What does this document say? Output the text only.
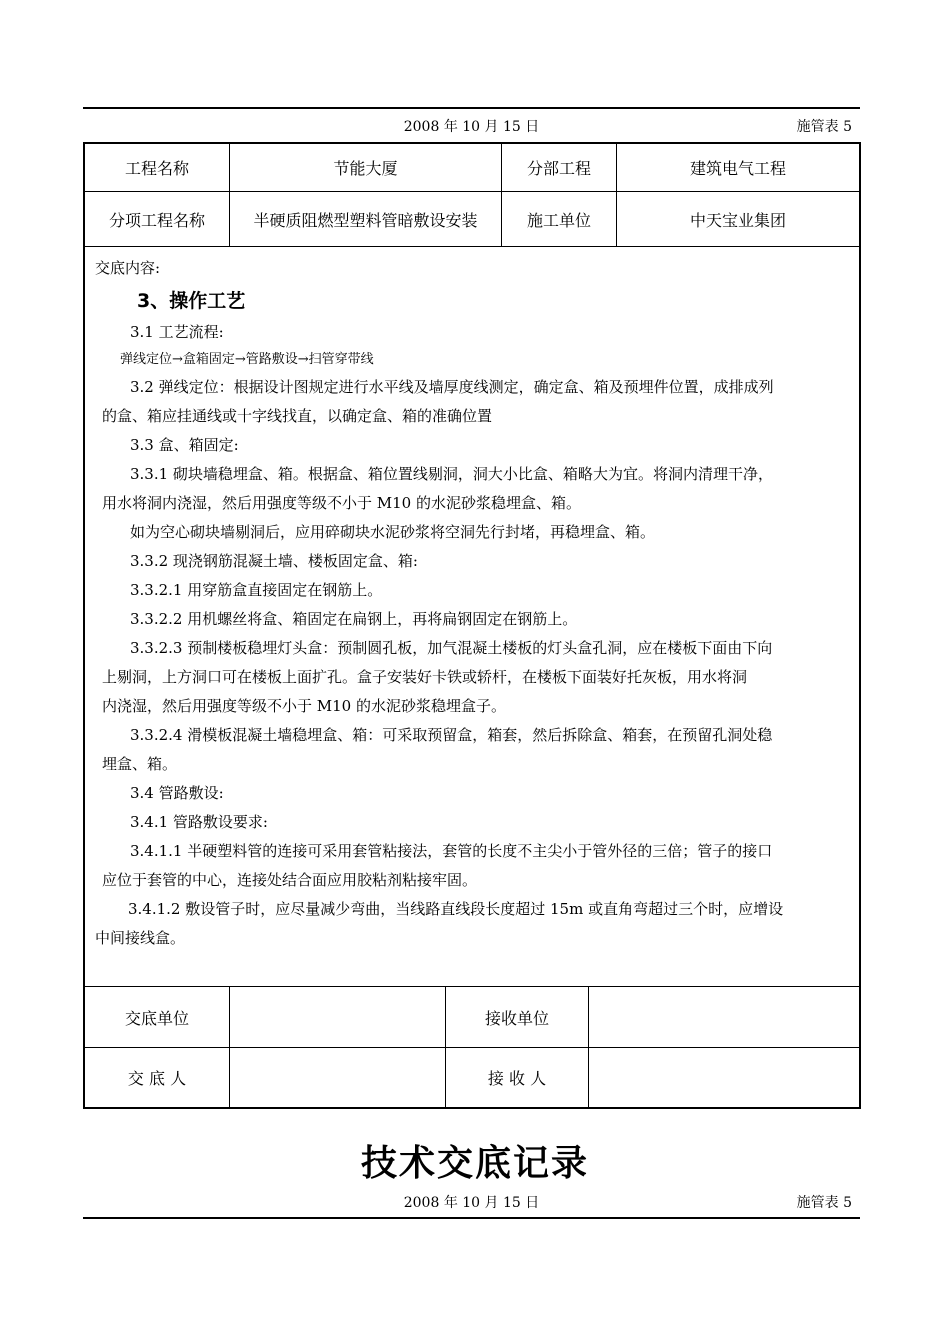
2008 年 10 月 15 日	施管表 5
工程名称	节能大厦	分部工程	建筑电气工程
分项工程名称	半硬质阻燃型塑料管暗敷设安装	施工单位	中天宝业集团
交底内容:
3、操作工艺
3.1 工艺流程:
弹线定位→盒箱固定→管路敷设→扫管穿带线
3.2 弹线定位：根据设计图规定进行水平线及墙厚度线测定，确定盒、箱及预埋件位置，成排成列
的盒、箱应挂通线或十字线找直，以确定盒、箱的准确位置
3.3 盒、箱固定:
3.3.1 砌块墙稳埋盒、箱。根据盒、箱位置线剔洞，洞大小比盒、箱略大为宜。将洞内清理干净，
用水将洞内浇湿，然后用强度等级不小于 M10 的水泥砂浆稳埋盒、箱。
如为空心砌块墙剔洞后，应用碎砌块水泥砂浆将空洞先行封堵，再稳埋盒、箱。
3.3.2 现浇钢筋混凝土墙、楼板固定盒、箱:
3.3.2.1 用穿筋盒直接固定在钢筋上。
3.3.2.2 用机螺丝将盒、箱固定在扁钢上，再将扁钢固定在钢筋上。
3.3.2.3 预制楼板稳埋灯头盒：预制圆孔板，加气混凝土楼板的灯头盒孔洞，应在楼板下面由下向
上剔洞，上方洞口可在楼板上面扩孔。盒子安装好卡铁或轿杆，在楼板下面装好托灰板，用水将洞
内浇湿，然后用强度等级不小于 M10 的水泥砂浆稳埋盒子。
3.3.2.4 滑模板混凝土墙稳埋盒、箱：可采取预留盒，箱套，然后拆除盒、箱套，在预留孔洞处稳
埋盒、箱。
3.4 管路敷设:
3.4.1 管路敷设要求:
3.4.1.1 半硬塑料管的连接可采用套管粘接法，套管的长度不主尖小于管外径的三倍；管子的接口
应位于套管的中心，连接处结合面应用胶粘剂粘接牢固。
3.4.1.2 敷设管子时，应尽量减少弯曲，当线路直线段长度超过 15m 或直角弯超过三个时，应增设
中间接线盒。
交底单位	接收单位
交 底 人	接 收 人
技术交底记录
2008 年 10 月 15 日	施管表 5
